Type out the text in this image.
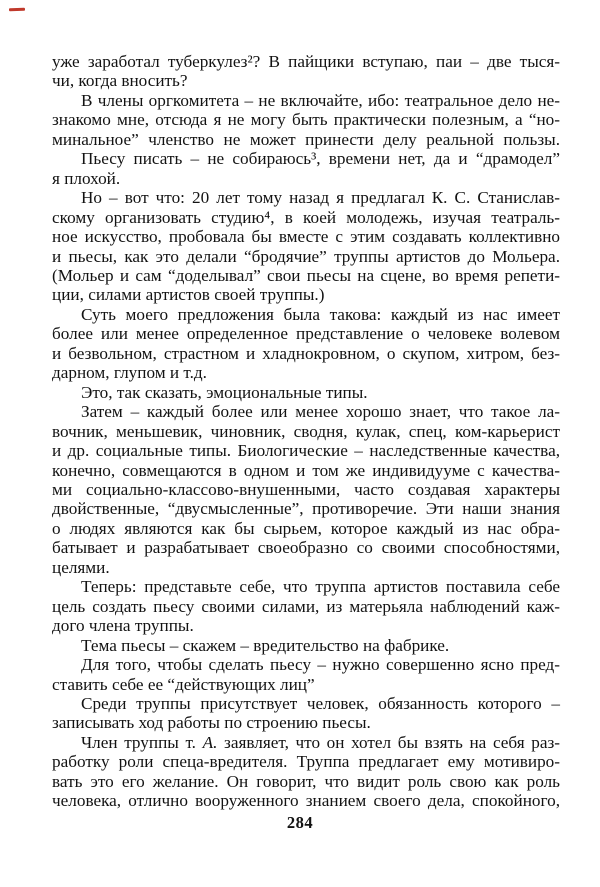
уже заработал туберкулез²? В пайщики вступаю, паи – две тыся-
чи, когда вносить?
В члены оргкомитета – не включайте, ибо: театральное дело не-
знакомо мне, отсюда я не могу быть практически полезным, а “но-
минальное” членство не может принести делу реальной пользы.
Пьесу писать – не собираюсь³, времени нет, да и “драмодел”
я плохой.
Но – вот что: 20 лет тому назад я предлагал К. С. Станислав-
скому организовать студию⁴, в коей молодежь, изучая театраль-
ное искусство, пробовала бы вместе с этим создавать коллективно
и пьесы, как это делали “бродячие” труппы артистов до Мольера.
(Мольер и сам “доделывал” свои пьесы на сцене, во время репети-
ции, силами артистов своей труппы.)
Суть моего предложения была такова: каждый из нас имеет
более или менее определенное представление о человеке волевом
и безвольном, страстном и хладнокровном, о скупом, хитром, без-
дарном, глупом и т.д.
Это, так сказать, эмоциональные типы.
Затем – каждый более или менее хорошо знает, что такое ла-
вочник, меньшевик, чиновник, сводня, кулак, спец, ком-карьерист
и др. социальные типы. Биологические – наследственные качества,
конечно, совмещаются в одном и том же индивидууме с качества-
ми социально-классово-внушенными, часто создавая характеры
двойственные, “двусмысленные”, противоречие. Эти наши знания
о людях являются как бы сырьем, которое каждый из нас обра-
батывает и разрабатывает своеобразно со своими способностями,
целями.
Теперь: представьте себе, что труппа артистов поставила себе
цель создать пьесу своими силами, из матерьяла наблюдений каж-
дого члена труппы.
Тема пьесы – скажем – вредительство на фабрике.
Для того, чтобы сделать пьесу – нужно совершенно ясно пред-
ставить себе ее “действующих лиц”
Среди труппы присутствует человек, обязанность которого –
записывать ход работы по строению пьесы.
Член труппы т. А. заявляет, что он хотел бы взять на себя раз-
работку роли спеца-вредителя. Труппа предлагает ему мотивиро-
вать это его желание. Он говорит, что видит роль свою как роль
человека, отлично вооруженного знанием своего дела, спокойного,
284
